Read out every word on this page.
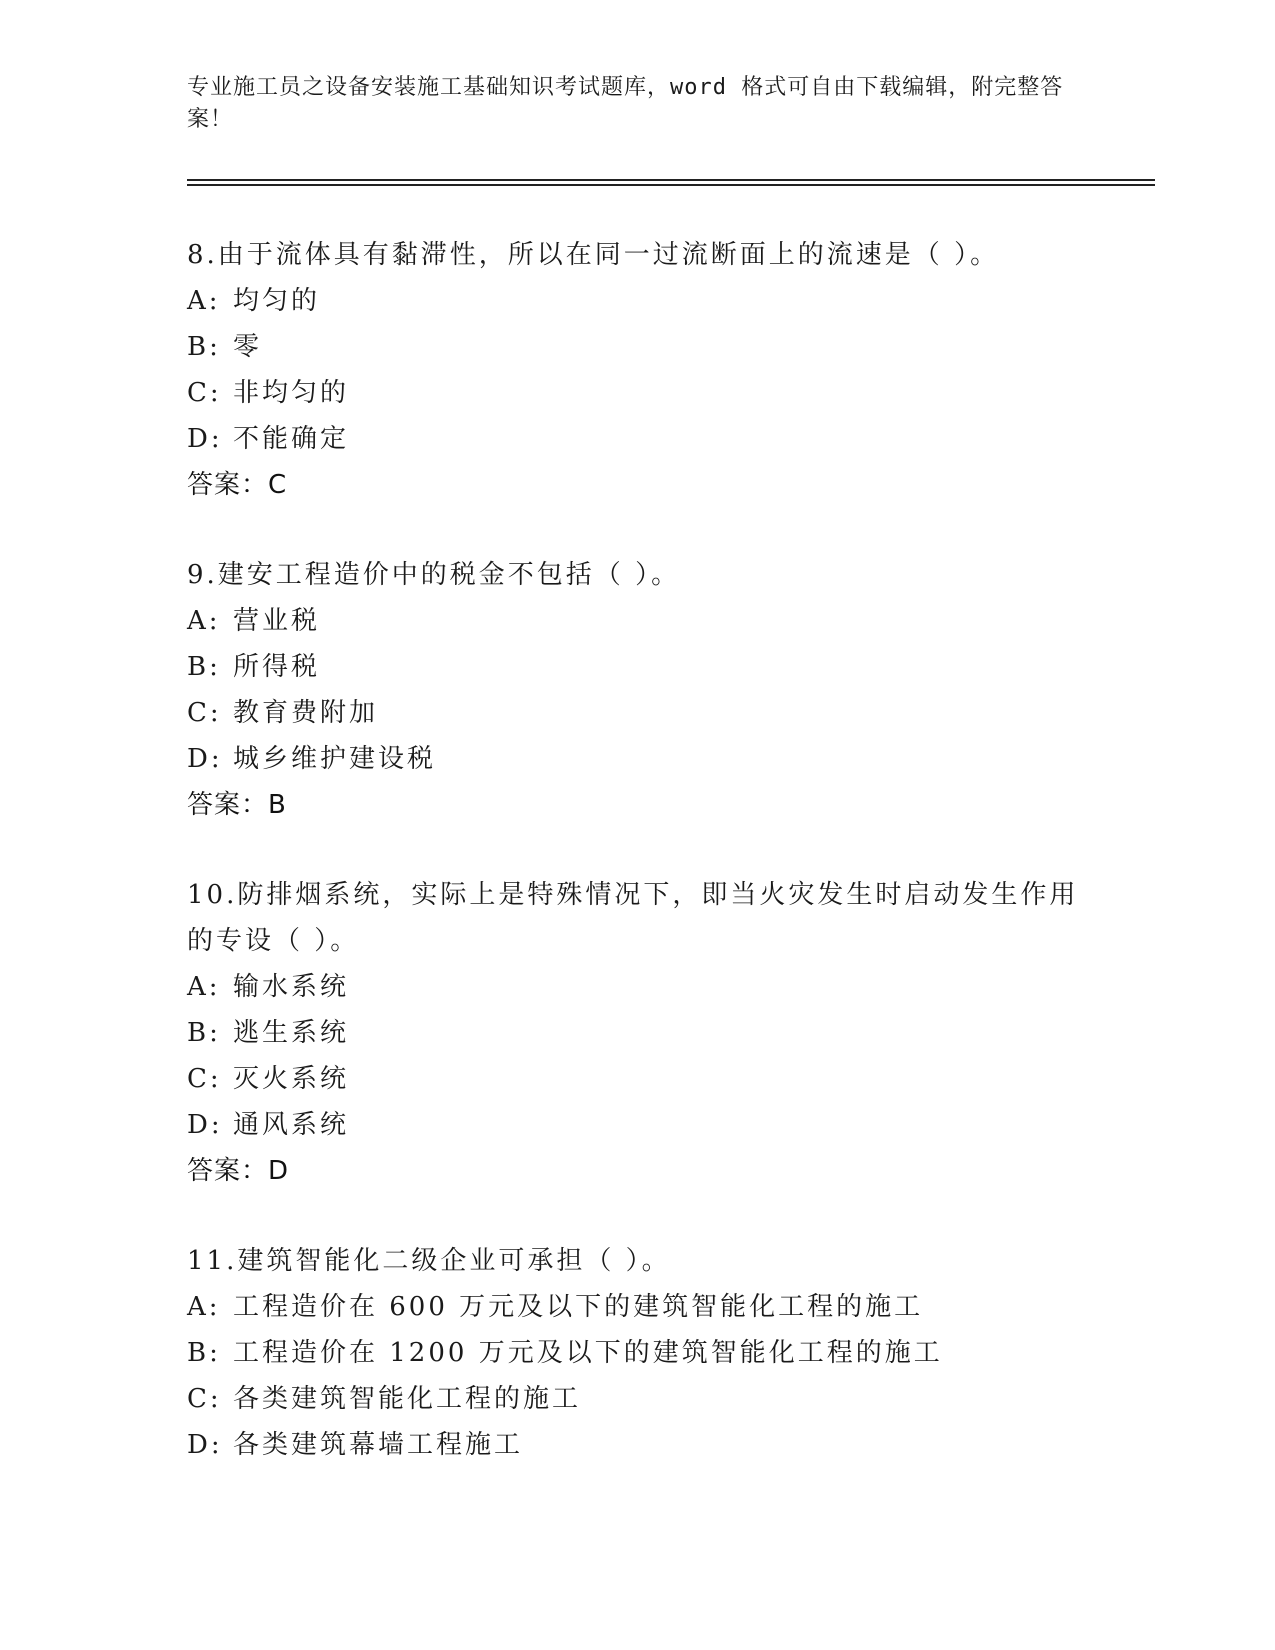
专业施工员之设备安装施工基础知识考试题库，word 格式可自由下载编辑，附完整答案！
8.由于流体具有黏滞性，所以在同一过流断面上的流速是（ ）。
A: 均匀的
B: 零
C: 非均匀的
D: 不能确定
答案：C
9.建安工程造价中的税金不包括（ ）。
A: 营业税
B: 所得税
C: 教育费附加
D: 城乡维护建设税
答案：B
10.防排烟系统，实际上是特殊情况下，即当火灾发生时启动发生作用的专设（ ）。
A: 输水系统
B: 逃生系统
C: 灭火系统
D: 通风系统
答案：D
11.建筑智能化二级企业可承担（ ）。
A: 工程造价在 600 万元及以下的建筑智能化工程的施工
B: 工程造价在 1200 万元及以下的建筑智能化工程的施工
C: 各类建筑智能化工程的施工
D: 各类建筑幕墙工程施工
